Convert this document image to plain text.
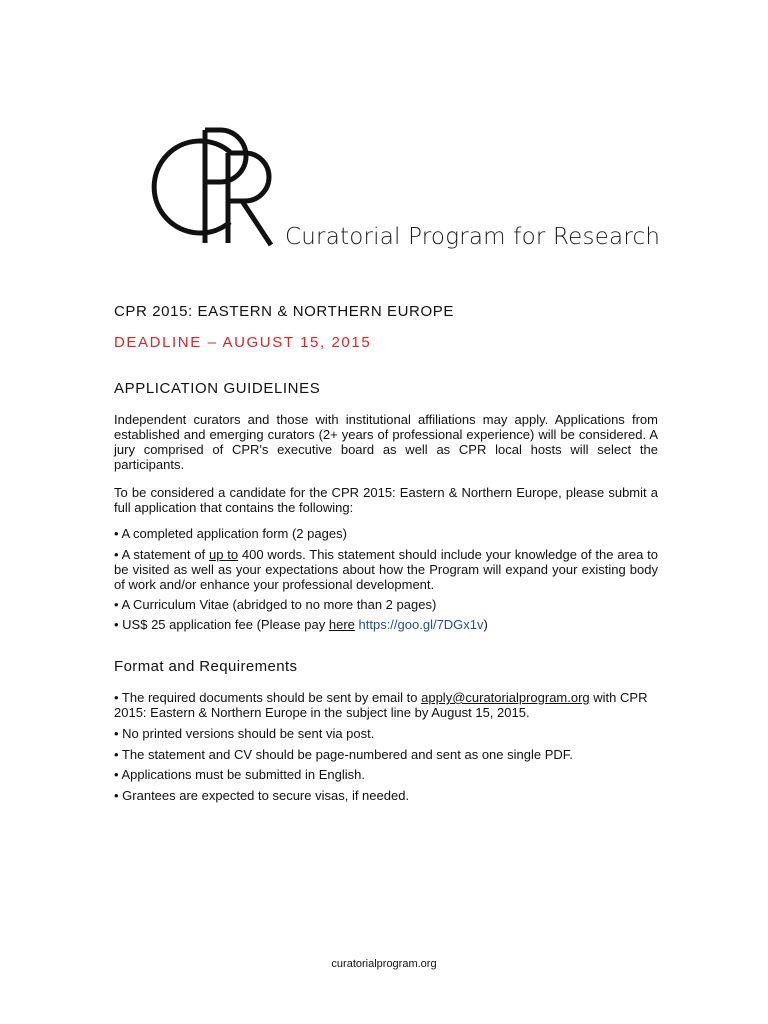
Curatorial Program for Research
CPR 2015: EASTERN & NORTHERN EUROPE
DEADLINE – AUGUST 15, 2015
APPLICATION GUIDELINES

Independent curators and those with institutional affiliations may apply. Applications from established and emerging curators (2+ years of professional experience) will be considered. A jury comprised of CPR's executive board as well as CPR local hosts will select the participants.

To be considered a candidate for the CPR 2015: Eastern & Northern Europe, please submit a full application that contains the following:

• A completed application form (2 pages)

• A statement of up to 400 words. This statement should include your knowledge of the area to be visited as well as your expectations about how the Program will expand your existing body of work and/or enhance your professional development.

• A Curriculum Vitae (abridged to no more than 2 pages)

• US$ 25 application fee (Please pay here https://goo.gl/7DGx1v)

Format and Requirements

• The required documents should be sent by email to apply@curatorialprogram.org with CPR 2015: Eastern & Northern Europe in the subject line by August 15, 2015.

• No printed versions should be sent via post.

• The statement and CV should be page-numbered and sent as one single PDF.

• Applications must be submitted in English.

• Grantees are expected to secure visas, if needed.

curatorialprogram.org
